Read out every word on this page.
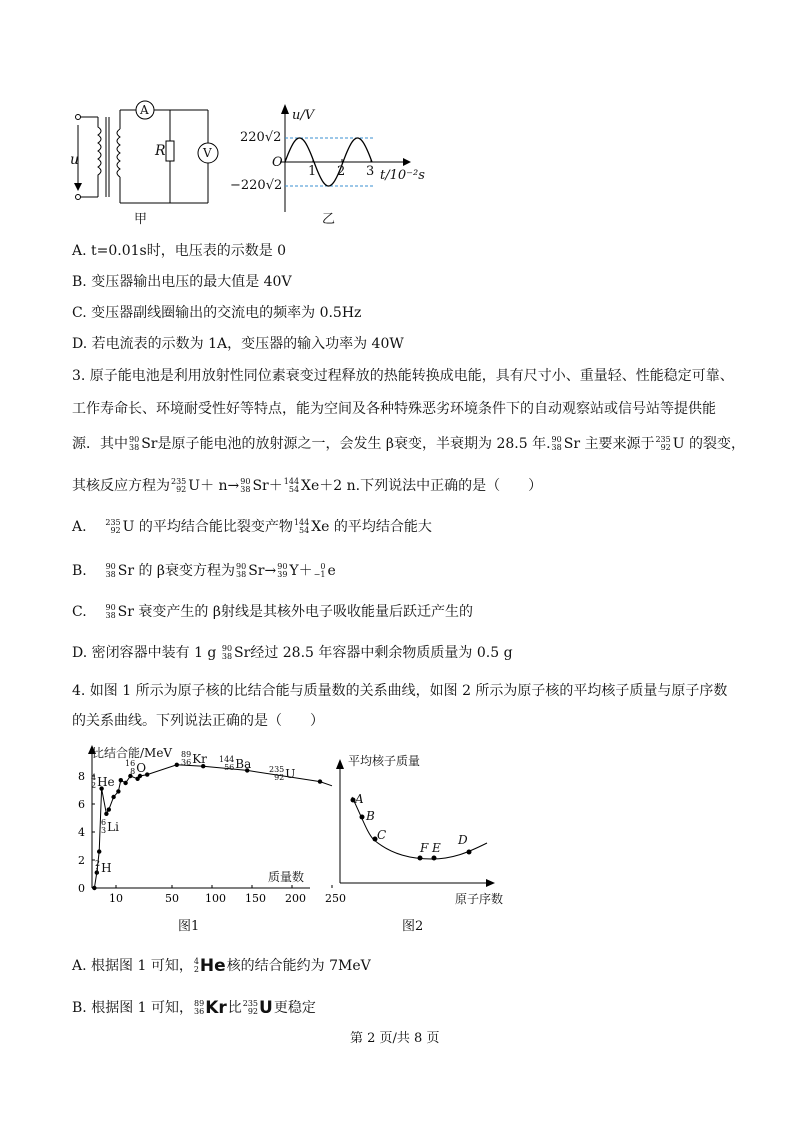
u
A
V
R
甲
u/V
220√2
O
−220√2
1 2 3 t/10⁻²s
乙
A. t=0.01s时，电压表的示数是 0
B. 变压器输出电压的最大值是 40V
C. 变压器副线圈输出的交流电的频率为 0.5Hz
D. 若电流表的示数为 1A，变压器的输入功率为 40W
3. 原子能电池是利用放射性同位素衰变过程释放的热能转换成电能，具有尺寸小、重量轻、性能稳定可靠、
工作寿命长、环境耐受性好等特点，能为空间及各种特殊恶劣环境条件下的自动观察站或信号站等提供能
源．其中 90
38 Sr是原子能电池的放射源之一，会发生 β衰变，半衰期为 28.5 年. 90
38 Sr 主要来源于 235
92 U 的裂变，
其核反应方程为 235
92 U＋ n→ 90
38 Sr＋ 144
54 Xe＋2 n.下列说法中正确的是（　　）
A. 235
92 U 的平均结合能比裂变产物 144
54 Xe 的平均结合能大
B. 90
38 Sr 的 β衰变方程为 90
38 Sr→ 90
39 Y＋ 0
−1 e
C. 90
38 Sr 衰变产生的 β射线是其核外电子吸收能量后跃迁产生的
D. 密闭容器中装有 1 g 90
38 Sr经过 28.5 年容器中剩余物质质量为 0.5 g
4. 如图 1 所示为原子核的比结合能与质量数的关系曲线，如图 2 所示为原子核的平均核子质量与原子序数
的关系曲线。下列说法正确的是（　　）
0
2
4
6
8
10	50 100 150 200 250
比结合能/MeV
质量数
图1
2
1 H
6
3 Li
4
2 He
16
8 O
89
36 Kr 144
56 Ba 235
92 U
平均核子质量
原子序数
A
B
C
F E
D
图2
A. 根据图 1 可知， 4
2 He 核的结合能约为 7MeV
B. 根据图 1 可知， 89
36 Kr 比 235
92 U 更稳定
第 2 页/共 8 页
